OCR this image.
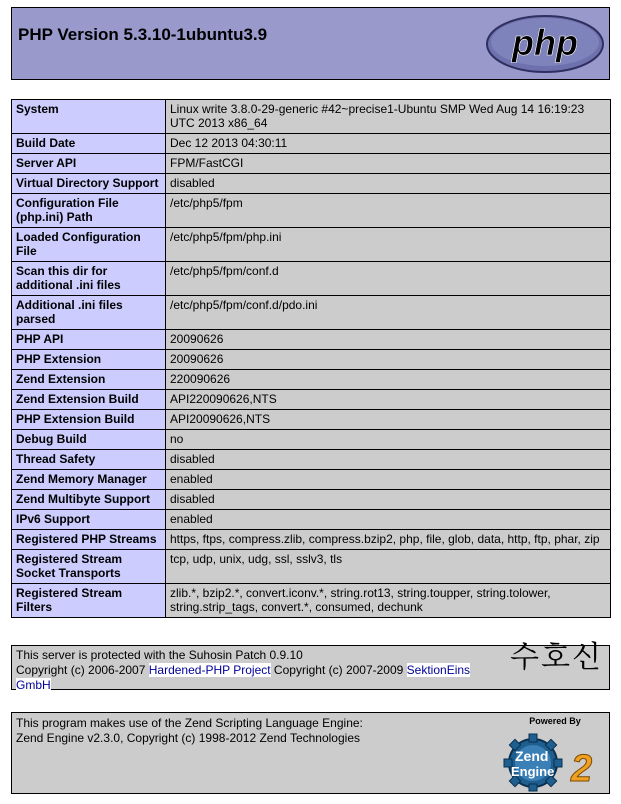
PHP Version 5.3.10-1ubuntu3.9	php
System	Linux write 3.8.0-29-generic #42~precise1-Ubuntu SMP Wed Aug 14 16:19:23 UTC 2013 x86_64
Build Date	Dec 12 2013 04:30:11
Server API	FPM/FastCGI
Virtual Directory Support	disabled
Configuration File (php.ini) Path	/etc/php5/fpm
Loaded Configuration File	/etc/php5/fpm/php.ini
Scan this dir for additional .ini files	/etc/php5/fpm/conf.d
Additional .ini files parsed	/etc/php5/fpm/conf.d/pdo.ini
PHP API	20090626
PHP Extension	20090626
Zend Extension	220090626
Zend Extension Build	API220090626,NTS
PHP Extension Build	API20090626,NTS
Debug Build	no
Thread Safety	disabled
Zend Memory Manager	enabled
Zend Multibyte Support	disabled
IPv6 Support	enabled
Registered PHP Streams	https, ftps, compress.zlib, compress.bzip2, php, file, glob, data, http, ftp, phar, zip
Registered Stream Socket Transports	tcp, udp, unix, udg, ssl, sslv3, tls
Registered Stream Filters	zlib.*, bzip2.*, convert.iconv.*, string.rot13, string.toupper, string.tolower, string.strip_tags, convert.*, consumed, dechunk
This server is protected with the Suhosin Patch 0.9.10
Copyright (c) 2006-2007 Hardened-PHP Project Copyright (c) 2007-2009 SektionEins GmbH
수호신
This program makes use of the Zend Scripting Language Engine:
Zend Engine v2.3.0, Copyright (c) 1998-2012 Zend Technologies
Powered By
Zend
Engine 2
